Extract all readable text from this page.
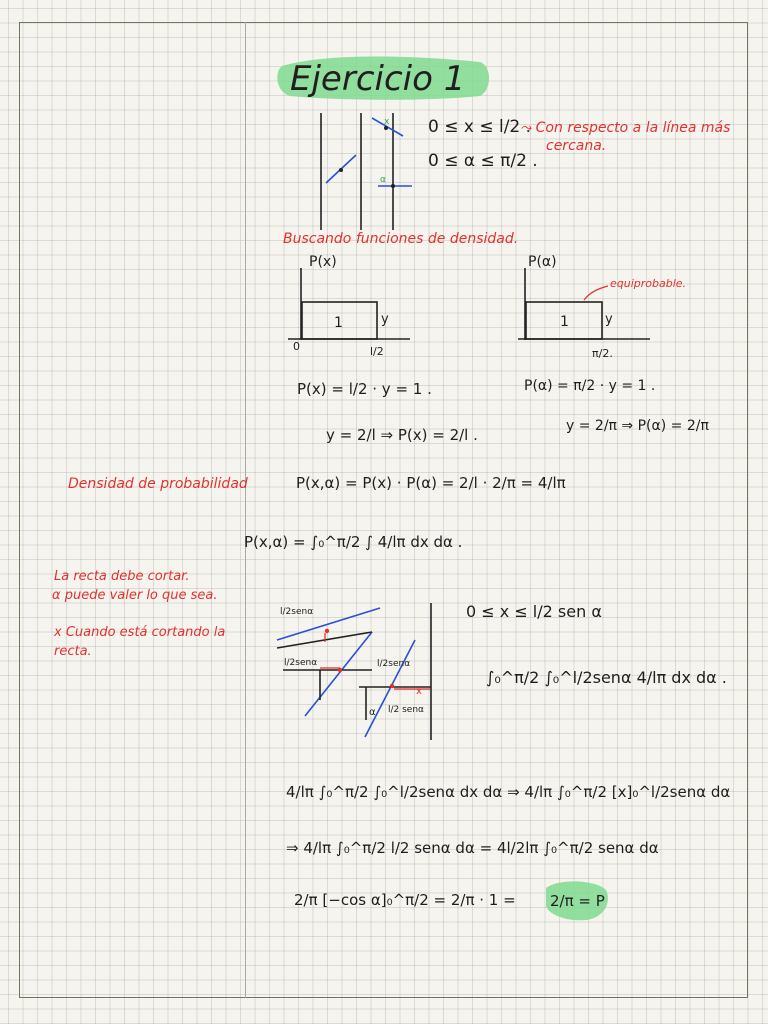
Ejercicio 1
α
x 0 ≤ x ≤ l/2 .
0 ≤ α ≤ π/2 .
⤳ Con respecto a la línea más
cercana.
Buscando funciones de densidad.
P(x)
1	y
0	l/2
P(α)
1	y
π/2.
equiprobable.
P(x) = l/2 · y = 1 .
y = 2/l ⇒ P(x) = 2/l .
P(α) = π/2 · y = 1 .
y = 2/π ⇒ P(α) = 2/π
Densidad de probabilidad	P(x,α) = P(x) · P(α) = 2/l · 2/π = 4/lπ
P(x,α) = ∫₀^π/2 ∫ 4/lπ dx dα .
La recta debe cortar.
α puede valer lo que sea.
x Cuando está cortando la
recta.
l/2senα
l/2senα	l/2senα
l/2 senα
x
α
0 ≤ x ≤ l/2 sen α
∫₀^π/2 ∫₀^l/2senα 4/lπ dx dα .
4/lπ ∫₀^π/2 ∫₀^l/2senα dx dα ⇒ 4/lπ ∫₀^π/2 [x]₀^l/2senα dα
⇒ 4/lπ ∫₀^π/2 l/2 senα dα = 4l/2lπ ∫₀^π/2 senα dα
2/π [−cos α]₀^π/2 = 2/π · 1 = 2/π = P
